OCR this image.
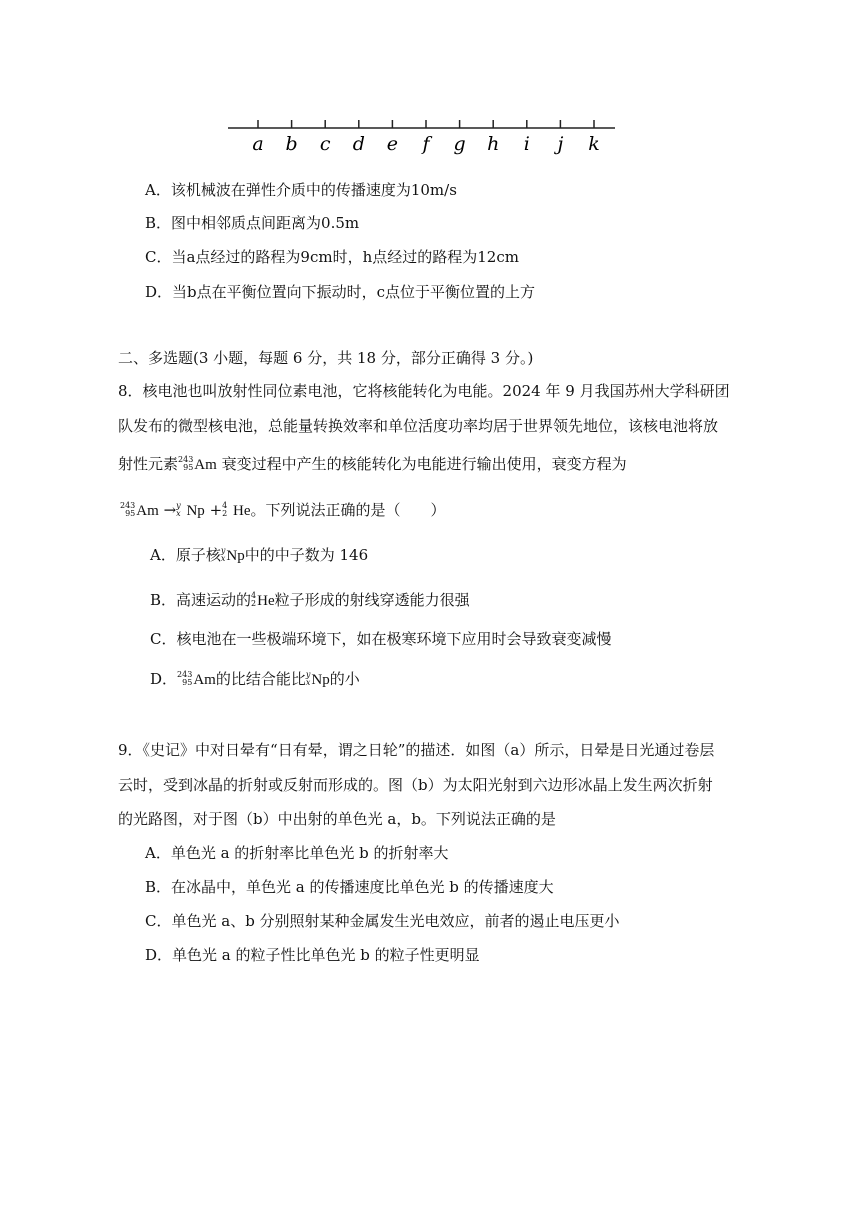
a b c d e f g h i j k
A．该机械波在弹性介质中的传播速度为10m/s
B．图中相邻质点间距离为0.5m
C．当a点经过的路程为9cm时，h点经过的路程为12cm
D．当b点在平衡位置向下振动时，c点位于平衡位置的上方
二、多选题(3 小题，每题 6 分，共 18 分，部分正确得 3 分。)
8．核电池也叫放射性同位素电池，它将核能转化为电能。2024 年 9 月我国苏州大学科研团
队发布的微型核电池，总能量转换效率和单位活度功率均居于世界领先地位，该核电池将放
射性元素 243
95 Am 衰变过程中产生的核能转化为电能进行输出使用，衰变方程为
243
95 Am → y
x Np + 4
2 He。下列说法正确的是（　　）
A．原子核 y
x Np中的中子数为 146
B．高速运动的 4
2 He粒子形成的射线穿透能力很强
C．核电池在一些极端环境下，如在极寒环境下应用时会导致衰变减慢
D． 243
95 Am的比结合能比 y
x Np的小
9．《史记》中对日晕有“日有晕，谓之日轮”的描述．如图（a）所示，日晕是日光通过卷层
云时，受到冰晶的折射或反射而形成的。图（b）为太阳光射到六边形冰晶上发生两次折射
的光路图，对于图（b）中出射的单色光 a，b。下列说法正确的是
A．单色光 a 的折射率比单色光 b 的折射率大
B．在冰晶中，单色光 a 的传播速度比单色光 b 的传播速度大
C．单色光 a、b 分别照射某种金属发生光电效应，前者的遏止电压更小
D．单色光 a 的粒子性比单色光 b 的粒子性更明显
